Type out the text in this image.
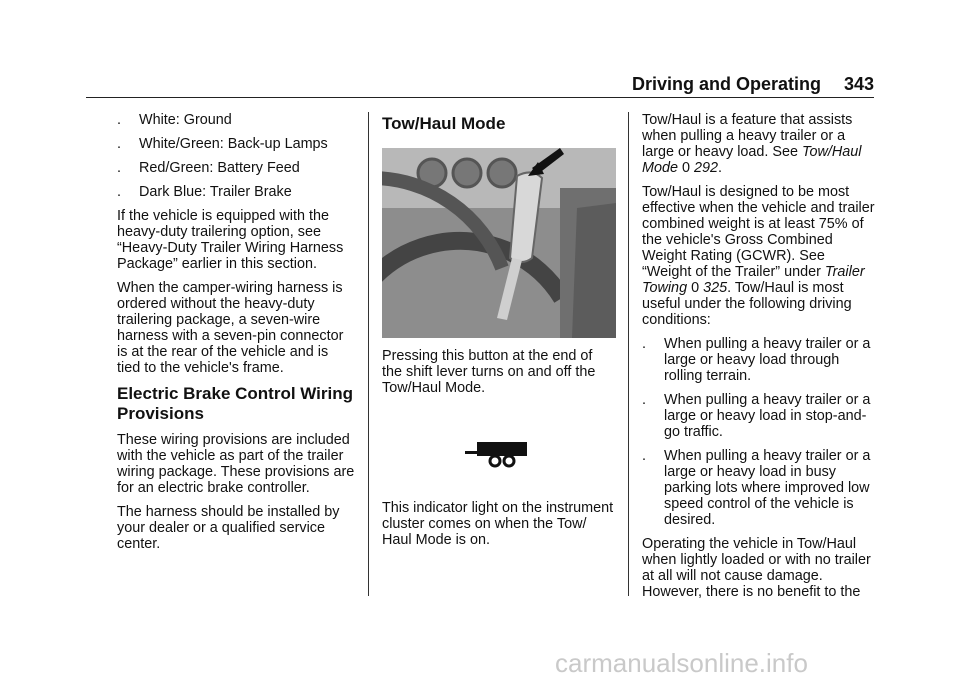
Driving and Operating 343
.	White: Ground
.	White/Green: Back-up Lamps
.	Red/Green: Battery Feed
.	Dark Blue: Trailer Brake

If the vehicle is equipped with the heavy-duty trailering option, see “Heavy-Duty Trailer Wiring Harness Package” earlier in this section.

When the camper-wiring harness is ordered without the heavy-duty trailering package, a seven-wire harness with a seven-pin connector is at the rear of the vehicle and is tied to the vehicle's frame.

Electric Brake Control Wiring Provisions

These wiring provisions are included with the vehicle as part of the trailer wiring package. These provisions are for an electric brake controller.

The harness should be installed by your dealer or a qualified service center.

Tow/Haul Mode

Pressing this button at the end of the shift lever turns on and off the Tow/Haul Mode.

This indicator light on the instrument cluster comes on when the Tow/ Haul Mode is on.

Tow/Haul is a feature that assists when pulling a heavy trailer or a large or heavy load. See Tow/Haul Mode 0 292.

Tow/Haul is designed to be most effective when the vehicle and trailer combined weight is at least 75% of the vehicle's Gross Combined Weight Rating (GCWR). See “Weight of the Trailer” under Trailer Towing 0 325. Tow/Haul is most useful under the following driving conditions:

.	When pulling a heavy trailer or a large or heavy load through rolling terrain.
.	When pulling a heavy trailer or a large or heavy load in stop-and-go traffic.
.	When pulling a heavy trailer or a large or heavy load in busy parking lots where improved low speed control of the vehicle is desired.

Operating the vehicle in Tow/Haul when lightly loaded or with no trailer at all will not cause damage. However, there is no benefit to the

carmanualsonline.info
